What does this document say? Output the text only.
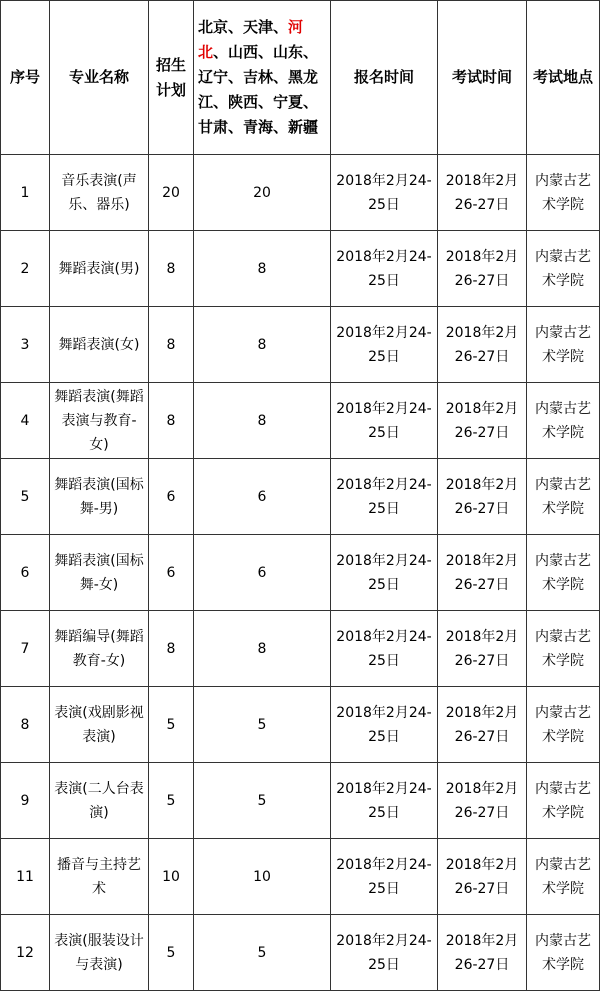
序号	专业名称	招生计划	北京、天津、河北、山西、山东、辽宁、吉林、黑龙江、陕西、宁夏、甘肃、青海、新疆	报名时间	考试时间	考试地点
1	音乐表演(声乐、器乐)	20	20	2018年2月24-25日	2018年2月26-27日	内蒙古艺术学院
2	舞蹈表演(男)	8	8	2018年2月24-25日	2018年2月26-27日	内蒙古艺术学院
3	舞蹈表演(女)	8	8	2018年2月24-25日	2018年2月26-27日	内蒙古艺术学院
4	舞蹈表演(舞蹈表演与教育-女)	8	8	2018年2月24-25日	2018年2月26-27日	内蒙古艺术学院
5	舞蹈表演(国标舞-男)	6	6	2018年2月24-25日	2018年2月26-27日	内蒙古艺术学院
6	舞蹈表演(国标舞-女)	6	6	2018年2月24-25日	2018年2月26-27日	内蒙古艺术学院
7	舞蹈编导(舞蹈教育-女)	8	8	2018年2月24-25日	2018年2月26-27日	内蒙古艺术学院
8	表演(戏剧影视表演)	5	5	2018年2月24-25日	2018年2月26-27日	内蒙古艺术学院
9	表演(二人台表演)	5	5	2018年2月24-25日	2018年2月26-27日	内蒙古艺术学院
11	播音与主持艺术	10	10	2018年2月24-25日	2018年2月26-27日	内蒙古艺术学院
12	表演(服装设计与表演)	5	5	2018年2月24-25日	2018年2月26-27日	内蒙古艺术学院
